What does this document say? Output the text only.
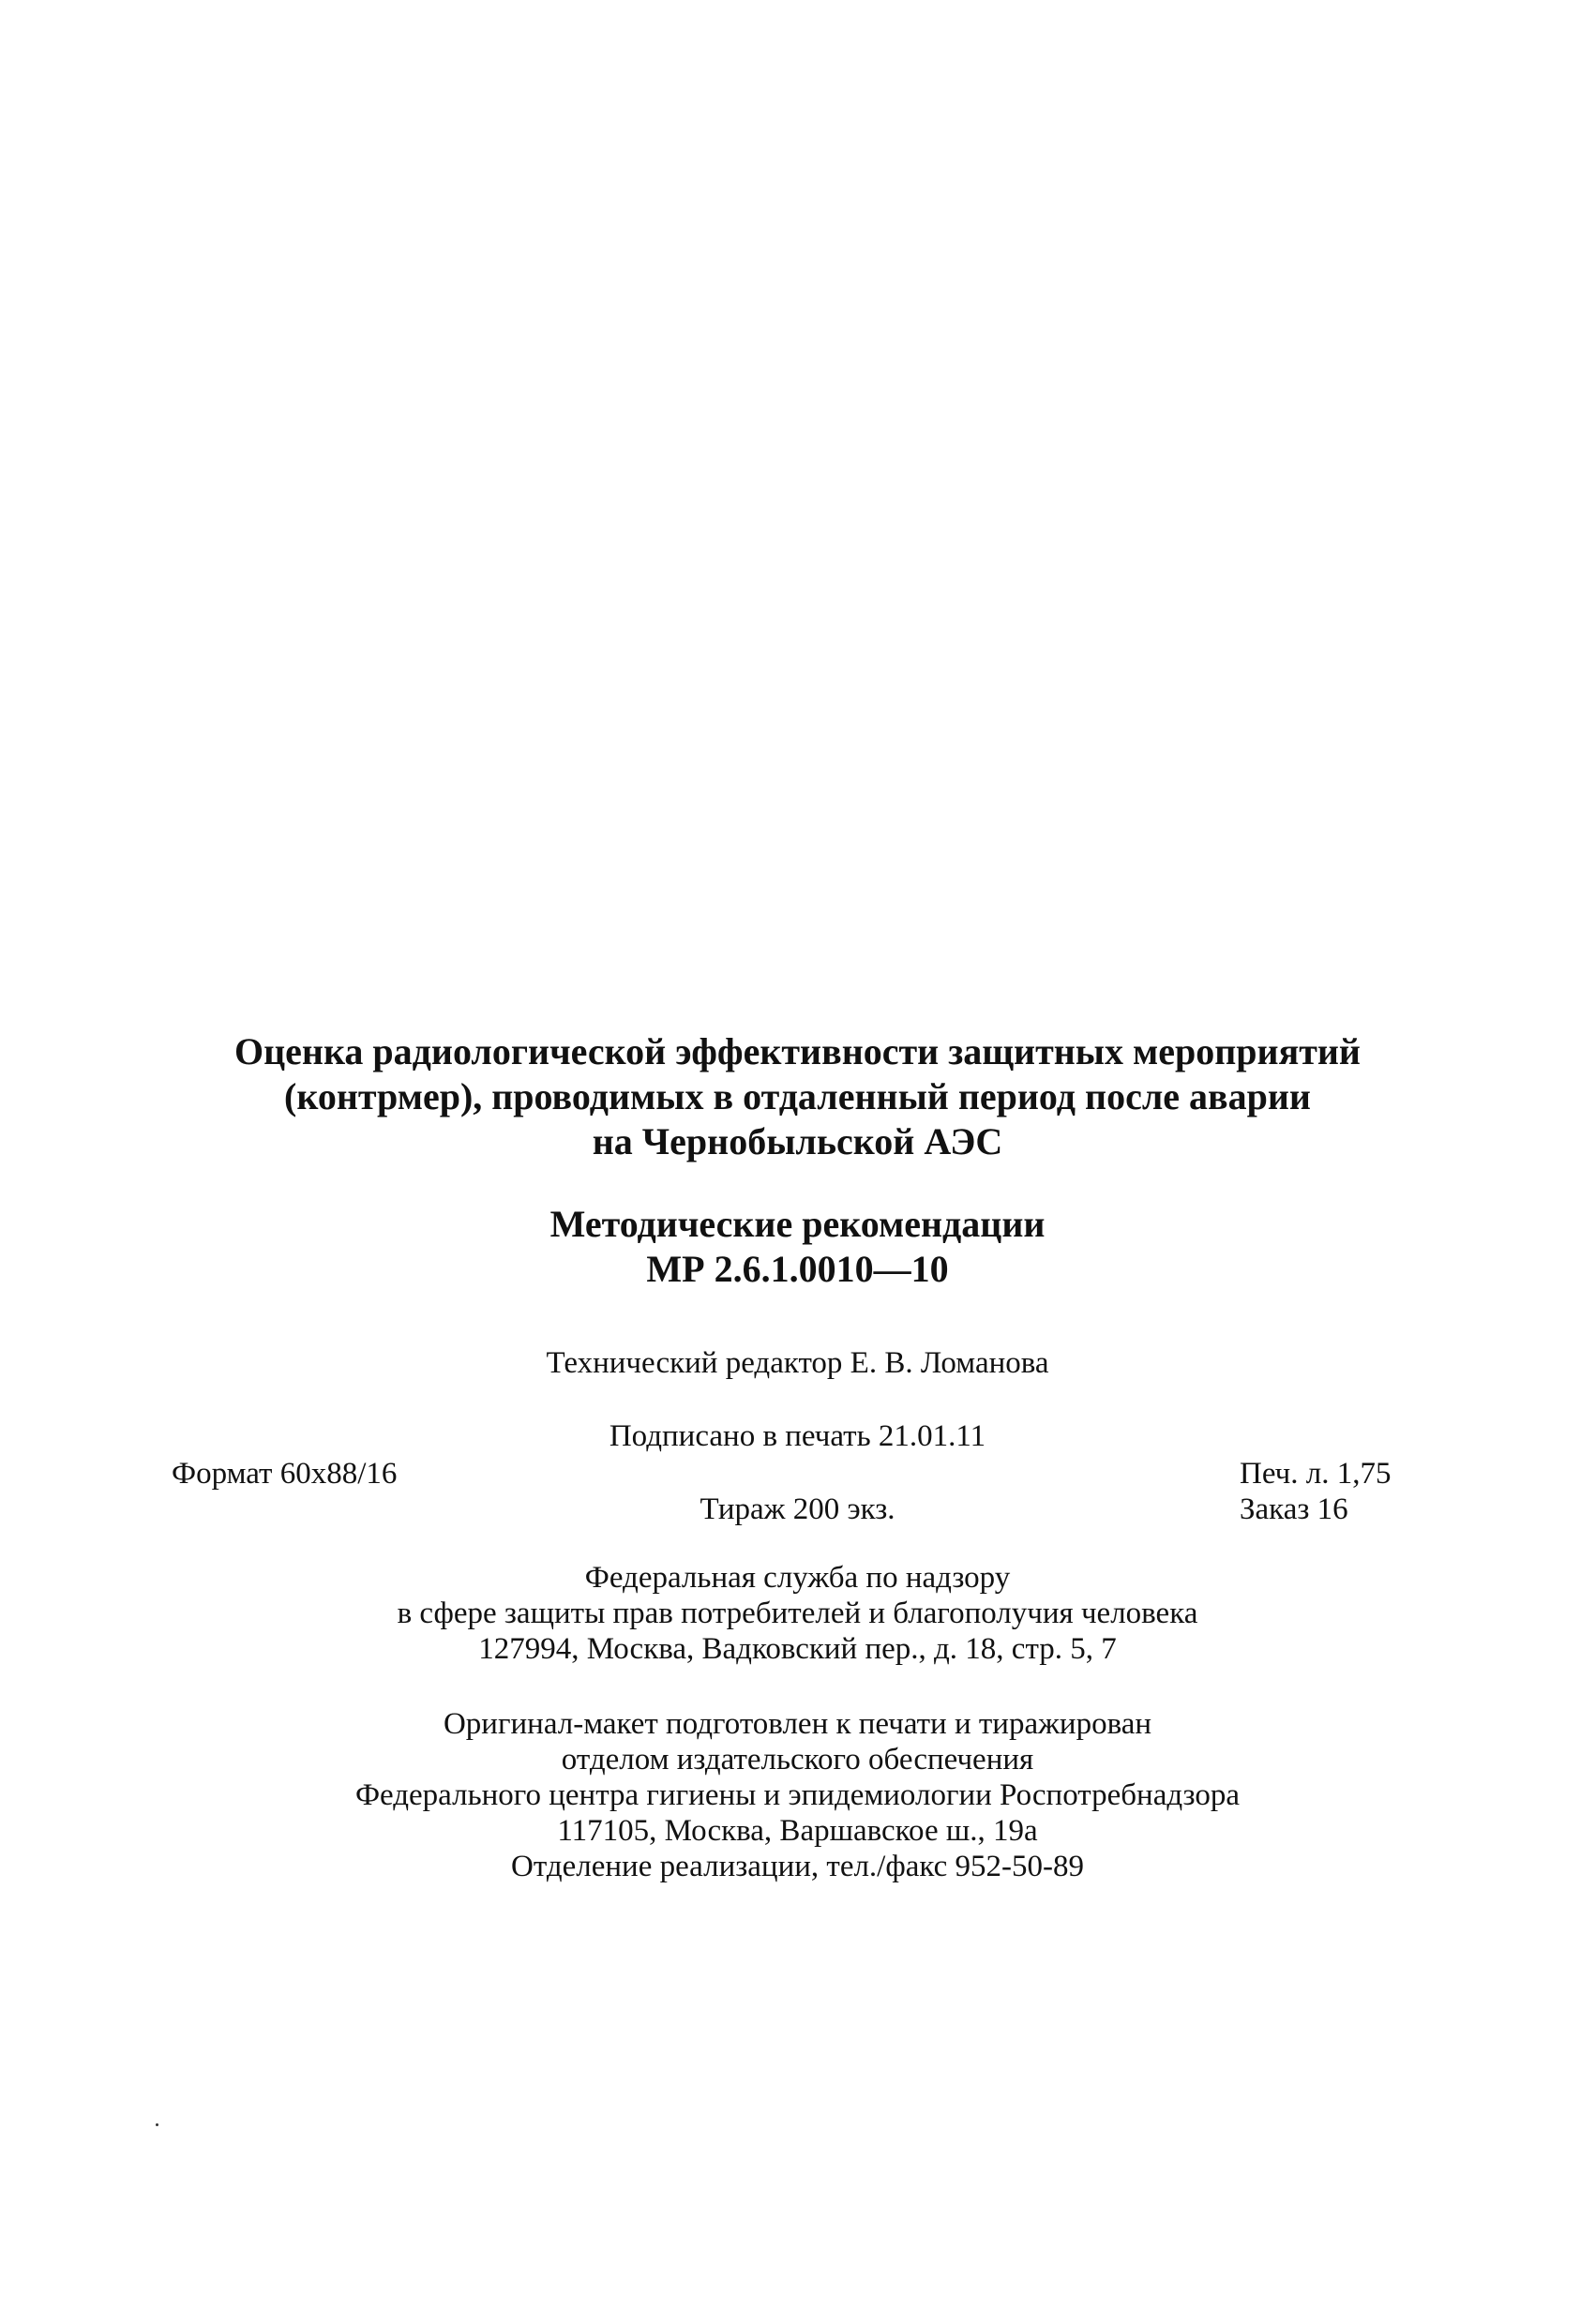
Оценка радиологической эффективности защитных мероприятий
(контрмер), проводимых в отдаленный период после аварии
на Чернобыльской АЭС
Методические рекомендации
МР 2.6.1.0010—10
Технический редактор Е. В. Ломанова
Подписано в печать 21.01.11
Формат 60x88/16	Печ. л. 1,75
Тираж 200 экз.	Заказ 16
Федеральная служба по надзору
в сфере защиты прав потребителей и благополучия человека
127994, Москва, Вадковский пер., д. 18, стр. 5, 7
Оригинал-макет подготовлен к печати и тиражирован
отделом издательского обеспечения
Федерального центра гигиены и эпидемиологии Роспотребнадзора
117105, Москва, Варшавское ш., 19а
Отделение реализации, тел./факс 952-50-89
